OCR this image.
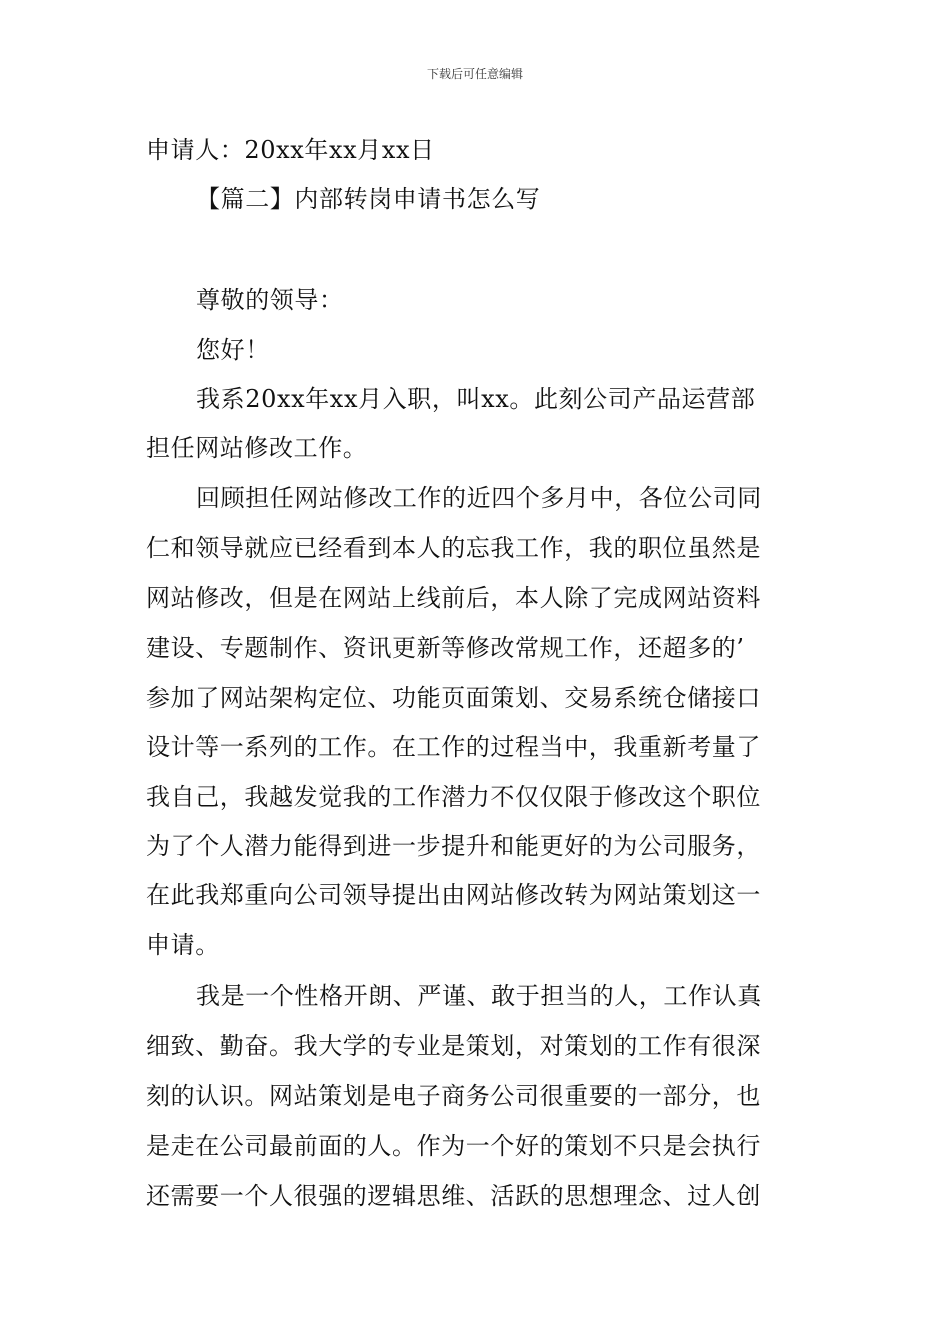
下载后可任意编辑
申请人：20xx年xx月xx日
【篇二】内部转岗申请书怎么写
尊敬的领导：
您好！
我系20xx年xx月入职，叫xx。此刻公司产品运营部
担任网站修改工作。
回顾担任网站修改工作的近四个多月中，各位公司同
仁和领导就应已经看到本人的忘我工作，我的职位虽然是
网站修改，但是在网站上线前后，本人除了完成网站资料
建设、专题制作、资讯更新等修改常规工作，还超多的’
参加了网站架构定位、功能页面策划、交易系统仓储接口
设计等一系列的工作。在工作的过程当中，我重新考量了
我自己，我越发觉我的工作潜力不仅仅限于修改这个职位
为了个人潜力能得到进一步提升和能更好的为公司服务，
在此我郑重向公司领导提出由网站修改转为网站策划这一
申请。
我是一个性格开朗、严谨、敢于担当的人，工作认真
细致、勤奋。我大学的专业是策划，对策划的工作有很深
刻的认识。网站策划是电子商务公司很重要的一部分，也
是走在公司最前面的人。作为一个好的策划不只是会执行
还需要一个人很强的逻辑思维、活跃的思想理念、过人创
